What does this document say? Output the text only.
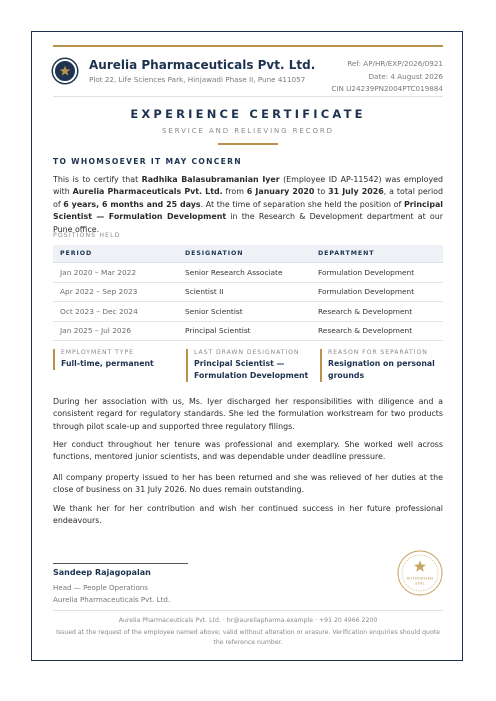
Aurelia Pharmaceuticals Pvt. Ltd.
Plot 22, Life Sciences Park, Hinjawadi Phase II, Pune 411057
Ref: AP/HR/EXP/2026/0921
Date: 4 August 2026
CIN U24239PN2004PTC019884
EXPERIENCE CERTIFICATE
SERVICE AND RELIEVING RECORD
TO WHOMSOEVER IT MAY CONCERN
This is to certify that Radhika Balasubramanian Iyer (Employee ID AP-11542) was employed with Aurelia Pharmaceuticals Pvt. Ltd. from 6 January 2020 to 31 July 2026, a total period of 6 years, 6 months and 25 days. At the time of separation she held the position of Principal Scientist — Formulation Development in the Research & Development department at our Pune office.
POSITIONS HELD
PERIOD	DESIGNATION	DEPARTMENT
Jan 2020 – Mar 2022	Senior Research Associate	Formulation Development
Apr 2022 – Sep 2023	Scientist II	Formulation Development
Oct 2023 – Dec 2024	Senior Scientist	Research & Development
Jan 2025 – Jul 2026	Principal Scientist	Research & Development
EMPLOYMENT TYPE
Full-time, permanent
LAST DRAWN DESIGNATION
Principal Scientist — Formulation Development
REASON FOR SEPARATION
Resignation on personal grounds
During her association with us, Ms. Iyer discharged her responsibilities with diligence and a consistent regard for regulatory standards. She led the formulation workstream for two products through pilot scale-up and supported three regulatory filings.
Her conduct throughout her tenure was professional and exemplary. She worked well across functions, mentored junior scientists, and was dependable under deadline pressure.
All company property issued to her has been returned and she was relieved of her duties at the close of business on 31 July 2026. No dues remain outstanding.
We thank her for her contribution and wish her continued success in her future professional endeavours.
Sandeep Rajagopalan
Head — People Operations
Aurelia Pharmaceuticals Pvt. Ltd.
AUTHORISED
SEAL
Aurelia Pharmaceuticals Pvt. Ltd. · hr@aureliapharma.example · +91 20 4966 2200
Issued at the request of the employee named above; valid without alteration or erasure. Verification enquiries should quote the reference number.
